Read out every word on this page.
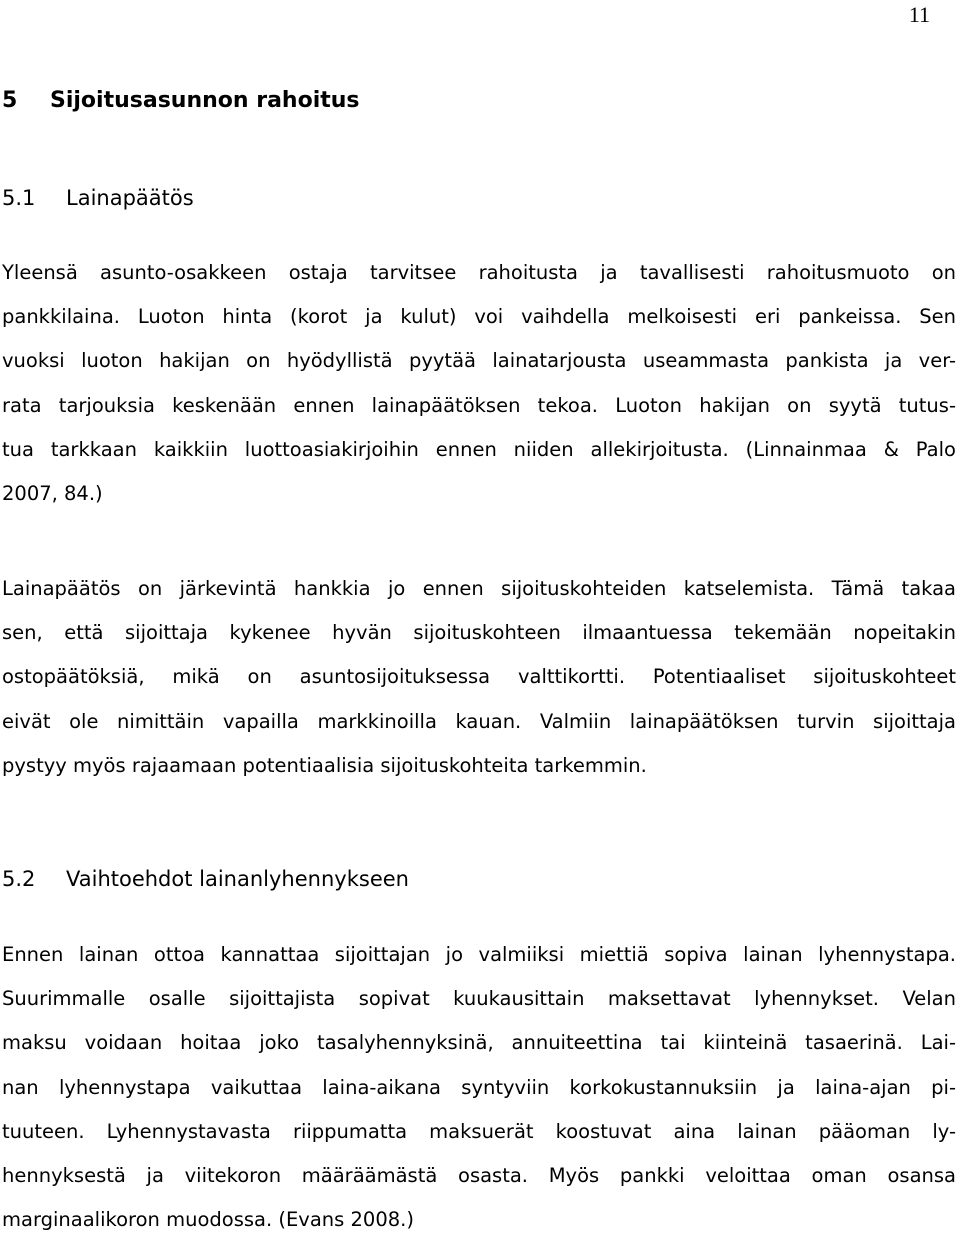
11
5 Sijoitusasunnon rahoitus
5.1 Lainapäätös
Yleensä asunto-osakkeen ostaja tarvitsee rahoitusta ja tavallisesti rahoitusmuoto on
pankkilaina. Luoton hinta (korot ja kulut) voi vaihdella melkoisesti eri pankeissa. Sen
vuoksi luoton hakijan on hyödyllistä pyytää lainatarjousta useammasta pankista ja ver-
rata tarjouksia keskenään ennen lainapäätöksen tekoa. Luoton hakijan on syytä tutus-
tua tarkkaan kaikkiin luottoasiakirjoihin ennen niiden allekirjoitusta. (Linnainmaa & Palo
2007, 84.)
Lainapäätös on järkevintä hankkia jo ennen sijoituskohteiden katselemista. Tämä takaa
sen, että sijoittaja kykenee hyvän sijoituskohteen ilmaantuessa tekemään nopeitakin
ostopäätöksiä, mikä on asuntosijoituksessa valttikortti. Potentiaaliset sijoituskohteet
eivät ole nimittäin vapailla markkinoilla kauan. Valmiin lainapäätöksen turvin sijoittaja
pystyy myös rajaamaan potentiaalisia sijoituskohteita tarkemmin.
5.2 Vaihtoehdot lainanlyhennykseen
Ennen lainan ottoa kannattaa sijoittajan jo valmiiksi miettiä sopiva lainan lyhennystapa.
Suurimmalle osalle sijoittajista sopivat kuukausittain maksettavat lyhennykset. Velan
maksu voidaan hoitaa joko tasalyhennyksinä, annuiteettina tai kiinteinä tasaerinä. Lai-
nan lyhennystapa vaikuttaa laina-aikana syntyviin korkokustannuksiin ja laina-ajan pi-
tuuteen. Lyhennystavasta riippumatta maksuerät koostuvat aina lainan pääoman ly-
hennyksestä ja viitekoron määräämästä osasta. Myös pankki veloittaa oman osansa
marginaalikoron muodossa. (Evans 2008.)
